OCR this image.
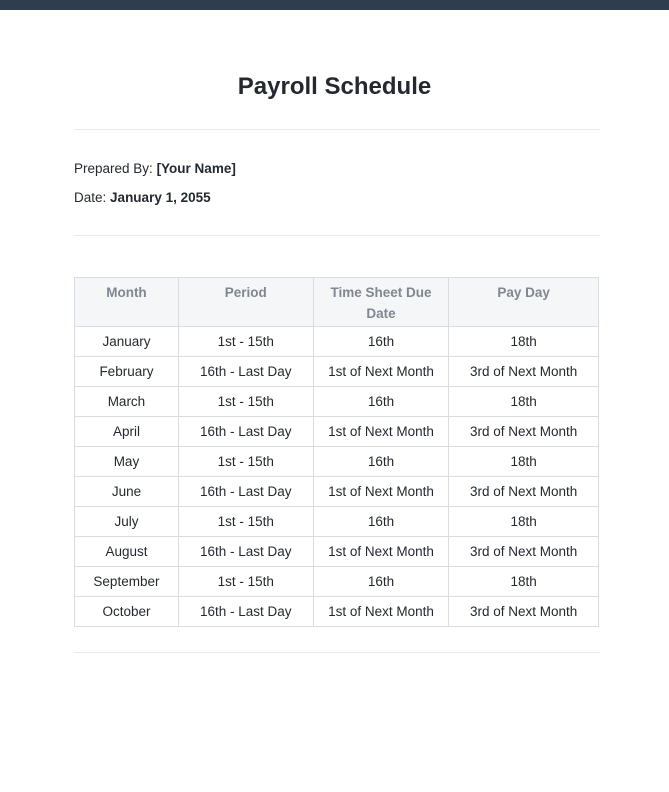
Payroll Schedule
Prepared By: [Your Name]
Date: January 1, 2055
Month	Period	Time Sheet Due Date	Pay Day
January	1st - 15th	16th	18th
February	16th - Last Day	1st of Next Month	3rd of Next Month
March	1st - 15th	16th	18th
April	16th - Last Day	1st of Next Month	3rd of Next Month
May	1st - 15th	16th	18th
June	16th - Last Day	1st of Next Month	3rd of Next Month
July	1st - 15th	16th	18th
August	16th - Last Day	1st of Next Month	3rd of Next Month
September	1st - 15th	16th	18th
October	16th - Last Day	1st of Next Month	3rd of Next Month
